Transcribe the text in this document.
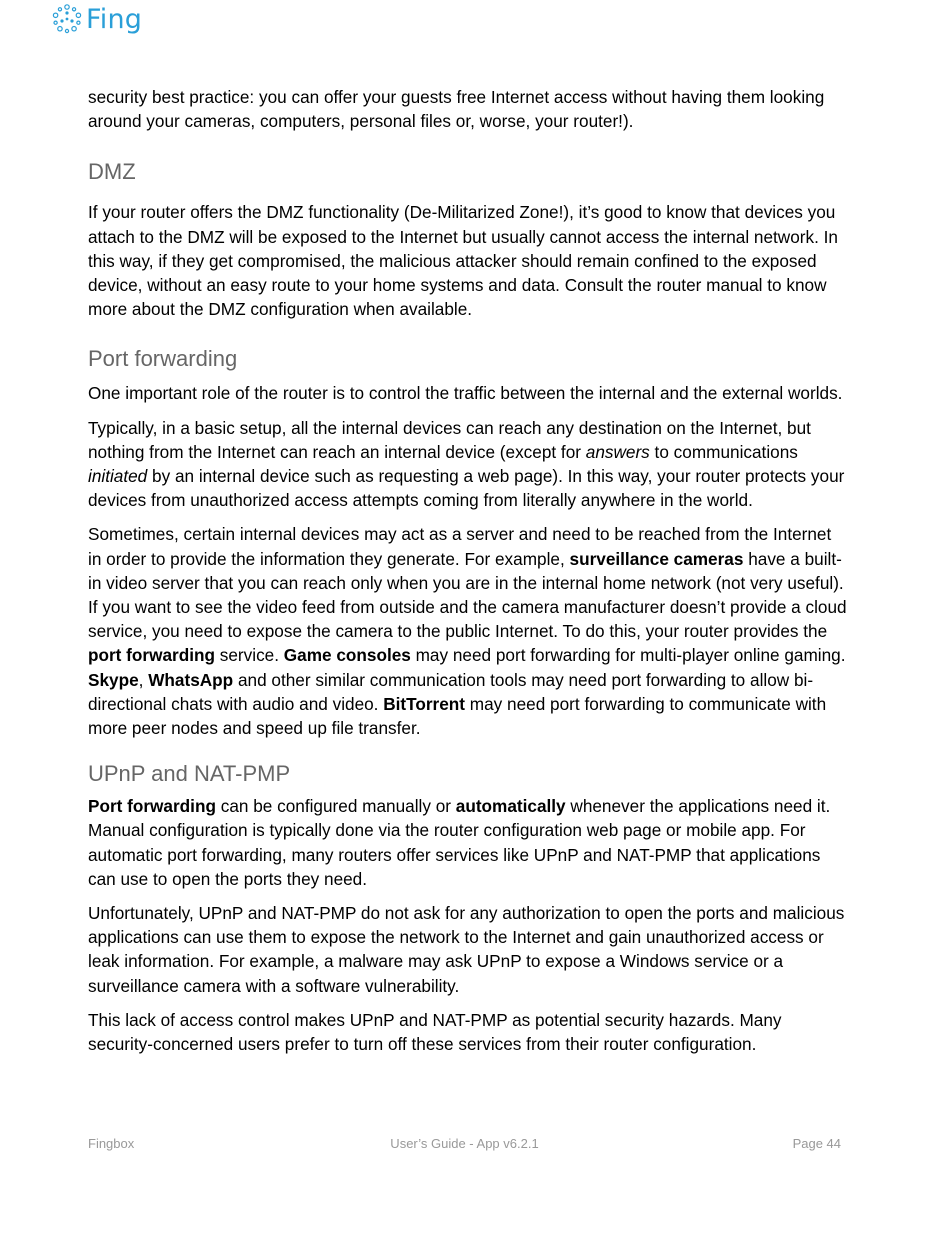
Fing

security best practice: you can offer your guests free Internet access without having them looking around your cameras, computers, personal files or, worse, your router!).

DMZ

If your router offers the DMZ functionality (De-Militarized Zone!), it’s good to know that devices you attach to the DMZ will be exposed to the Internet but usually cannot access the internal network. In this way, if they get compromised, the malicious attacker should remain confined to the exposed device, without an easy route to your home systems and data. Consult the router manual to know more about the DMZ configuration when available.

Port forwarding

One important role of the router is to control the traffic between the internal and the external worlds.

Typically, in a basic setup, all the internal devices can reach any destination on the Internet, but nothing from the Internet can reach an internal device (except for answers to communications initiated by an internal device such as requesting a web page). In this way, your router protects your devices from unauthorized access attempts coming from literally anywhere in the world.

Sometimes, certain internal devices may act as a server and need to be reached from the Internet in order to provide the information they generate. For example, surveillance cameras have a built-in video server that you can reach only when you are in the internal home network (not very useful). If you want to see the video feed from outside and the camera manufacturer doesn’t provide a cloud service, you need to expose the camera to the public Internet. To do this, your router provides the port forwarding service. Game consoles may need port forwarding for multi-player online gaming. Skype, WhatsApp and other similar communication tools may need port forwarding to allow bi-directional chats with audio and video. BitTorrent may need port forwarding to communicate with more peer nodes and speed up file transfer.

UPnP and NAT-PMP

Port forwarding can be configured manually or automatically whenever the applications need it. Manual configuration is typically done via the router configuration web page or mobile app. For automatic port forwarding, many routers offer services like UPnP and NAT-PMP that applications can use to open the ports they need.

Unfortunately, UPnP and NAT-PMP do not ask for any authorization to open the ports and malicious applications can use them to expose the network to the Internet and gain unauthorized access or leak information. For example, a malware may ask UPnP to expose a Windows service or a surveillance camera with a software vulnerability.

This lack of access control makes UPnP and NAT-PMP as potential security hazards. Many security-concerned users prefer to turn off these services from their router configuration.

Fingbox	User’s Guide - App v6.2.1	Page 44
